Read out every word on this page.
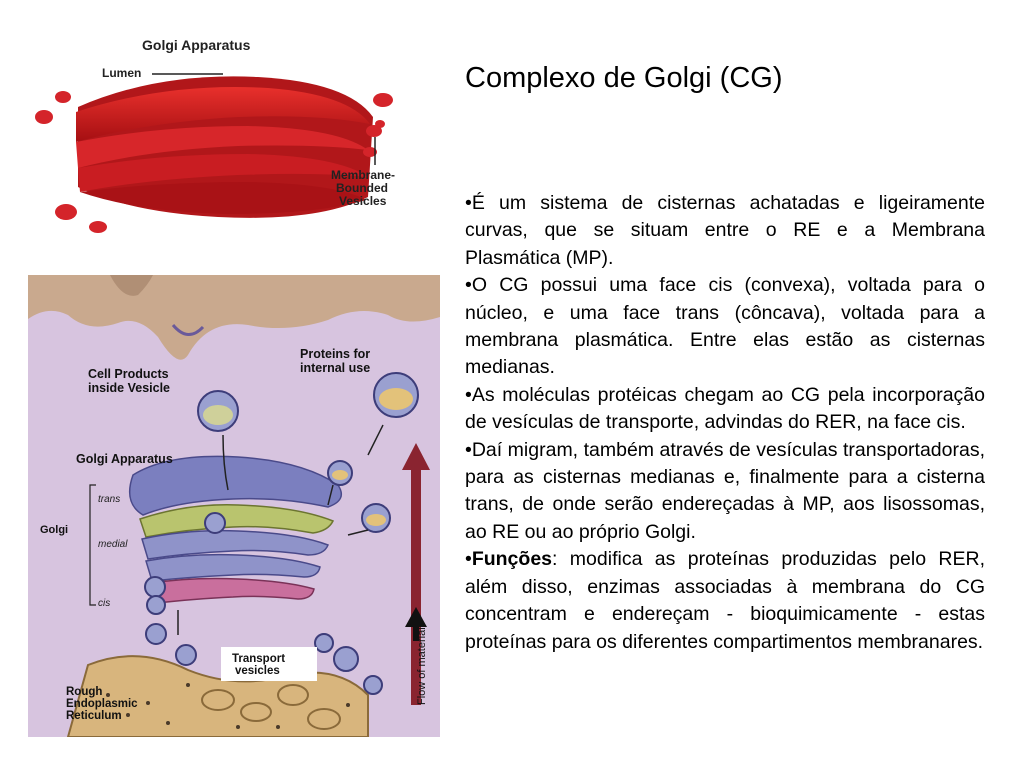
Golgi Apparatus
Lumen
Membrane-
Bounded
Vesicles
Flow of material
Transport
vesicles
Cell Products
inside Vesicle
Proteins for
internal use
Golgi Apparatus
Golgi
trans
medial
cis
Rough
Endoplasmic
Reticulum
Complexo de Golgi (CG)

•É um sistema de cisternas achatadas e ligeiramente curvas, que se situam entre o RE e a Membrana Plasmática (MP).

•O CG possui uma face cis (convexa), voltada para o núcleo, e uma face trans (côncava), voltada para a membrana plasmática. Entre elas estão as cisternas medianas.

•As moléculas protéicas chegam ao CG pela incorporação de vesículas de transporte, advindas do RER, na face cis.

•Daí migram, também através de vesículas transportadoras, para as cisternas medianas e, finalmente para a cisterna trans, de onde serão endereçadas à MP, aos lisossomas, ao RE ou ao próprio Golgi.

•Funções: modifica as proteínas produzidas pelo RER, além disso, enzimas associadas à membrana do CG concentram e endereçam - bioquimicamente - estas proteínas para os diferentes compartimentos membranares.
